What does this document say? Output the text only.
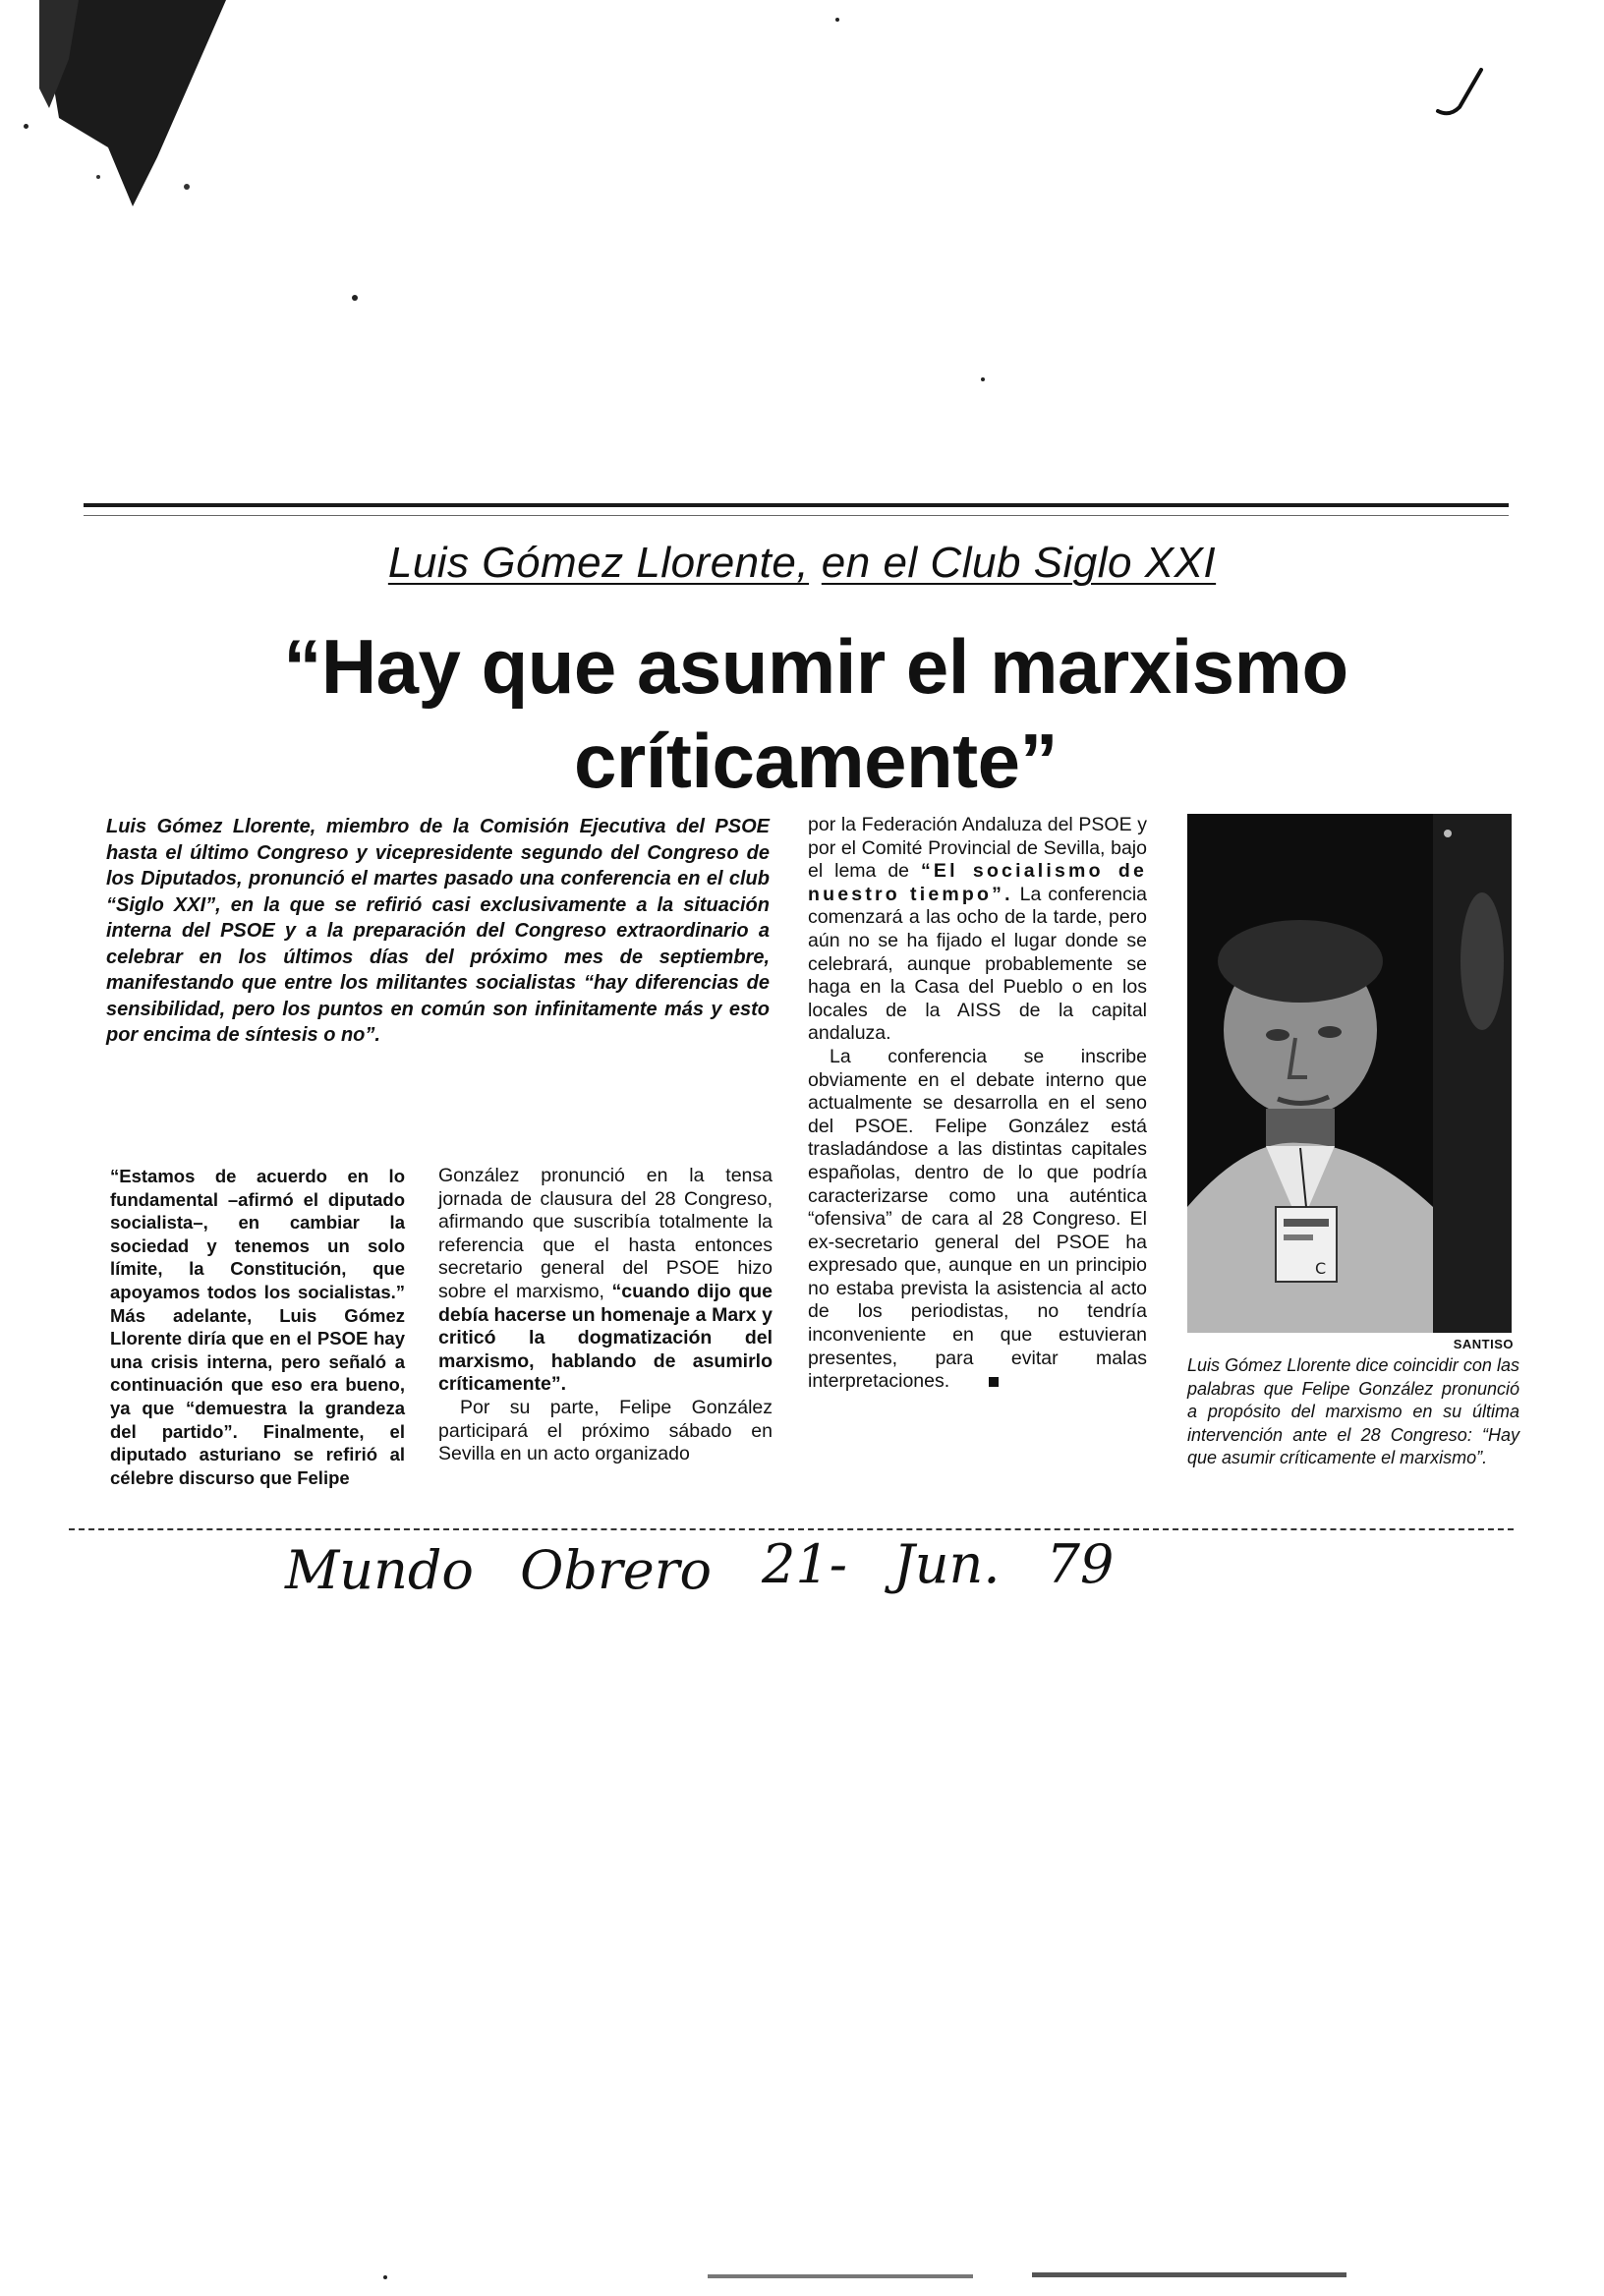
Luis Gómez Llorente, en el Club Siglo XXI
“Hay que asumir el marxismo
críticamente”

Luis Gómez Llorente, miembro de la Comisión Ejecutiva del PSOE hasta el último Congreso y vicepresidente segundo del Congreso de los Diputados, pronunció el martes pasado una conferencia en el club “Siglo XXI”, en la que se refirió casi exclusivamente a la situación interna del PSOE y a la preparación del Congreso extraordinario a celebrar en los últimos días del próximo mes de septiembre, manifestando que entre los militantes socialistas “hay diferencias de sensibilidad, pero los puntos en común son infinitamente más y esto por encima de síntesis o no”.

“Estamos de acuerdo en lo fundamental –afirmó el diputado socialista–, en cambiar la sociedad y tenemos un solo límite, la Constitución, que apoyamos todos los socialistas.” Más adelante, Luis Gómez Llorente diría que en el PSOE hay una crisis interna, pero señaló a continuación que eso era bueno, ya que “demuestra la grandeza del partido”. Finalmente, el diputado asturiano se refirió al célebre discurso que Felipe

González pronunció en la tensa jornada de clausura del 28 Congreso, afirmando que suscribía totalmente la referencia que el hasta entonces secretario general del PSOE hizo sobre el marxismo, “cuando dijo que debía hacerse un homenaje a Marx y criticó la dogmatización del marxismo, hablando de asumirlo críticamente”.

Por su parte, Felipe González participará el próximo sábado en Sevilla en un acto organizado

por la Federación Andaluza del PSOE y por el Comité Provincial de Sevilla, bajo el lema de “El socialismo de nuestro tiempo”. La conferencia comenzará a las ocho de la tarde, pero aún no se ha fijado el lugar donde se celebrará, aunque probablemente se haga en la Casa del Pueblo o en los locales de la AISS de la capital andaluza.

La conferencia se inscribe obviamente en el debate interno que actualmente se desarrolla en el seno del PSOE. Felipe González está trasladándose a las distintas capitales españolas, dentro de lo que podría caracterizarse como una auténtica “ofensiva” de cara al 28 Congreso. El ex-secretario general del PSOE ha expresado que, aunque en un principio no estaba prevista la asistencia al acto de los periodistas, no tendría inconveniente en que estuvieran presentes, para evitar malas interpretaciones.

C
SANTISO

Luis Gómez Llorente dice coincidir con las palabras que Felipe González pronunció a propósito del marxismo en su última intervención ante el 28 Congreso: “Hay que asumir críticamente el marxismo”.

Mundo Obrero 21- Jun. 79
